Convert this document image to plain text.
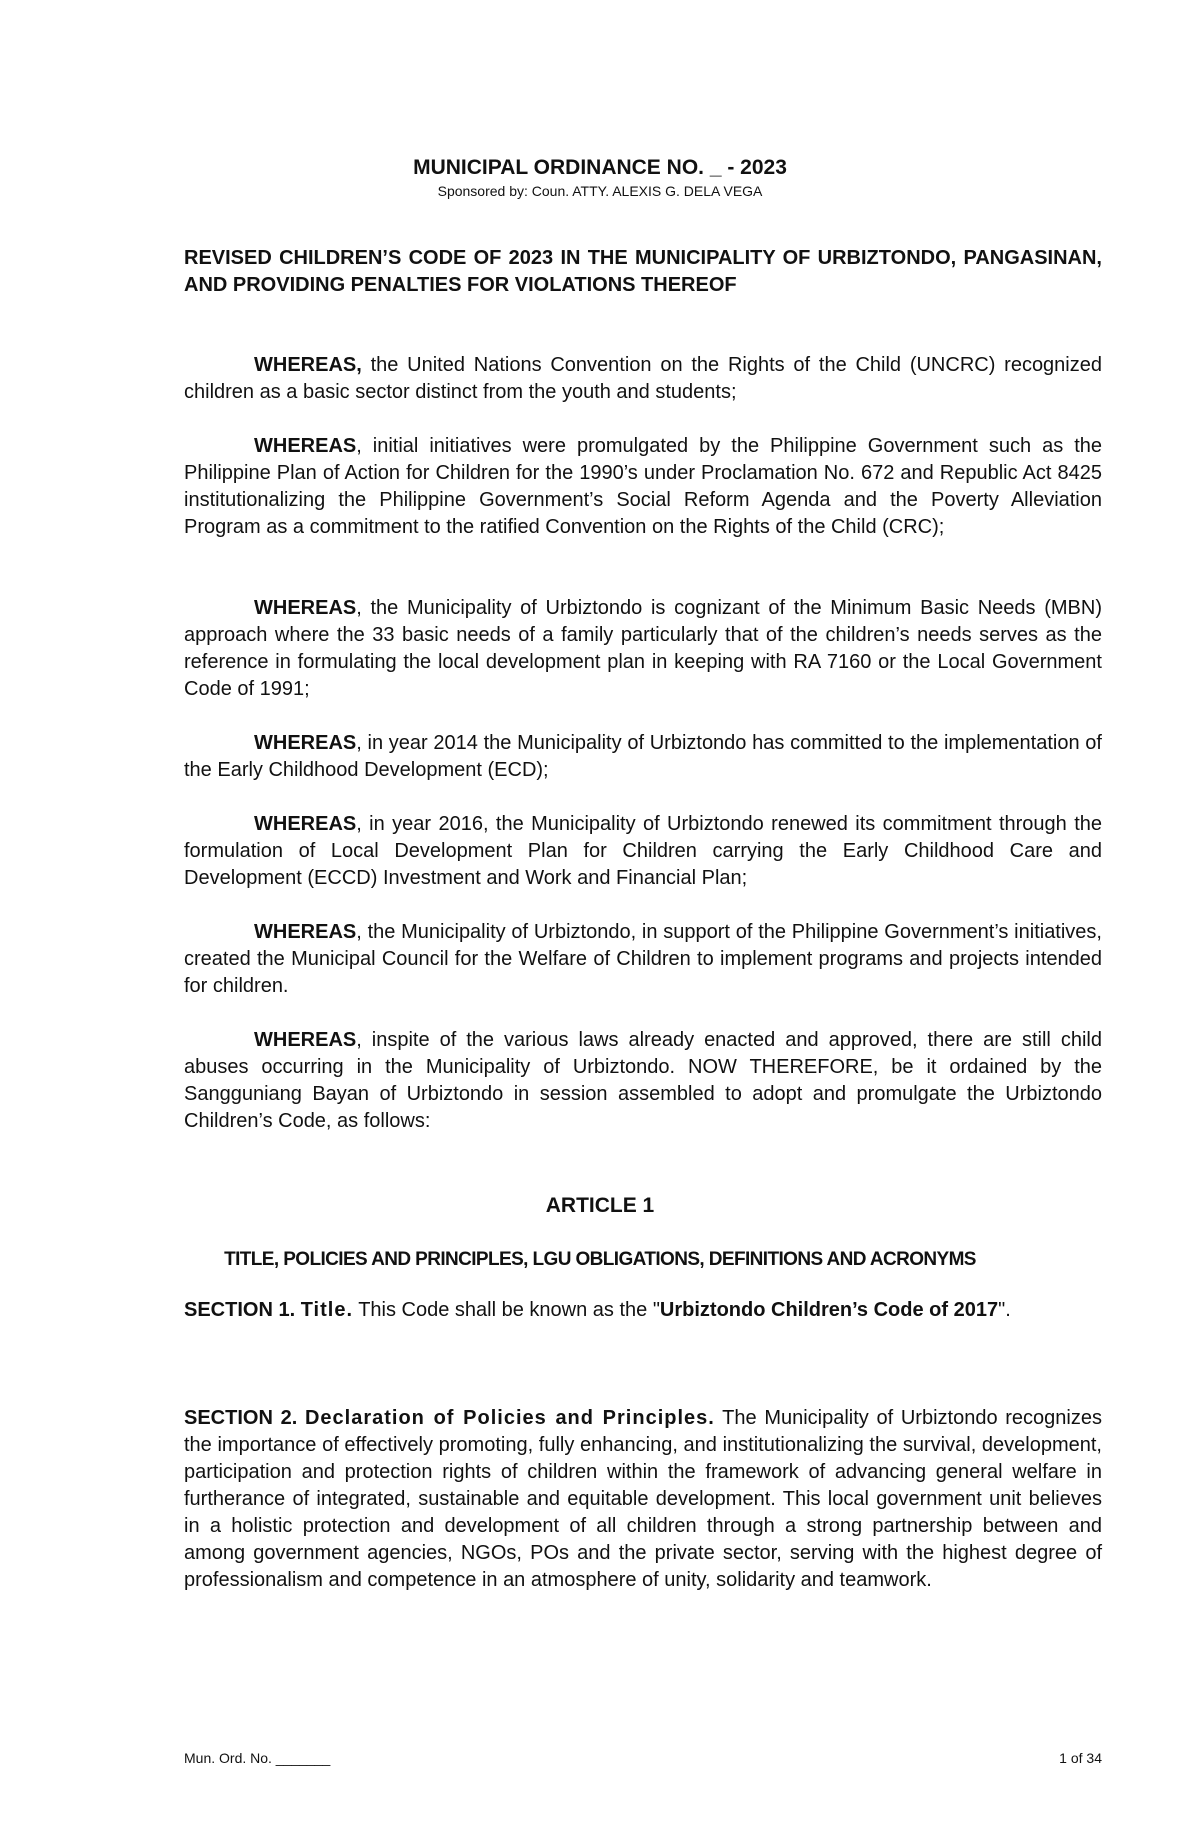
MUNICIPAL ORDINANCE NO. _ - 2023
Sponsored by: Coun. ATTY. ALEXIS G. DELA VEGA
REVISED CHILDREN’S CODE OF 2023 IN THE MUNICIPALITY OF URBIZTONDO, PANGASINAN, AND PROVIDING PENALTIES FOR VIOLATIONS THEREOF

WHEREAS, the United Nations Convention on the Rights of the Child (UNCRC) recognized children as a basic sector distinct from the youth and students;

WHEREAS, initial initiatives were promulgated by the Philippine Government such as the Philippine Plan of Action for Children for the 1990’s under Proclamation No. 672 and Republic Act 8425 institutionalizing the Philippine Government’s Social Reform Agenda and the Poverty Alleviation Program as a commitment to the ratified Convention on the Rights of the Child (CRC);

WHEREAS, the Municipality of Urbiztondo is cognizant of the Minimum Basic Needs (MBN) approach where the 33 basic needs of a family particularly that of the children’s needs serves as the reference in formulating the local development plan in keeping with RA 7160 or the Local Government Code of 1991;

WHEREAS, in year 2014 the Municipality of Urbiztondo has committed to the implementation of the Early Childhood Development (ECD);

WHEREAS, in year 2016, the Municipality of Urbiztondo renewed its commitment through the formulation of Local Development Plan for Children carrying the Early Childhood Care and Development (ECCD) Investment and Work and Financial Plan;

WHEREAS, the Municipality of Urbiztondo, in support of the Philippine Government’s initiatives, created the Municipal Council for the Welfare of Children to implement programs and projects intended for children.

WHEREAS, inspite of the various laws already enacted and approved, there are still child abuses occurring in the Municipality of Urbiztondo. NOW THEREFORE, be it ordained by the Sangguniang Bayan of Urbiztondo in session assembled to adopt and promulgate the Urbiztondo Children’s Code, as follows:

ARTICLE 1
TITLE, POLICIES AND PRINCIPLES, LGU OBLIGATIONS, DEFINITIONS AND ACRONYMS

SECTION 1. Title. This Code shall be known as the "Urbiztondo Children’s Code of 2017".

SECTION 2. Declaration of Policies and Principles. The Municipality of Urbiztondo recognizes the importance of effectively promoting, fully enhancing, and institutionalizing the survival, development, participation and protection rights of children within the framework of advancing general welfare in furtherance of integrated, sustainable and equitable development. This local government unit believes in a holistic protection and development of all children through a strong partnership between and among government agencies, NGOs, POs and the private sector, serving with the highest degree of professionalism and competence in an atmosphere of unity, solidarity and teamwork.

Mun. Ord. No. _______	1 of 34
